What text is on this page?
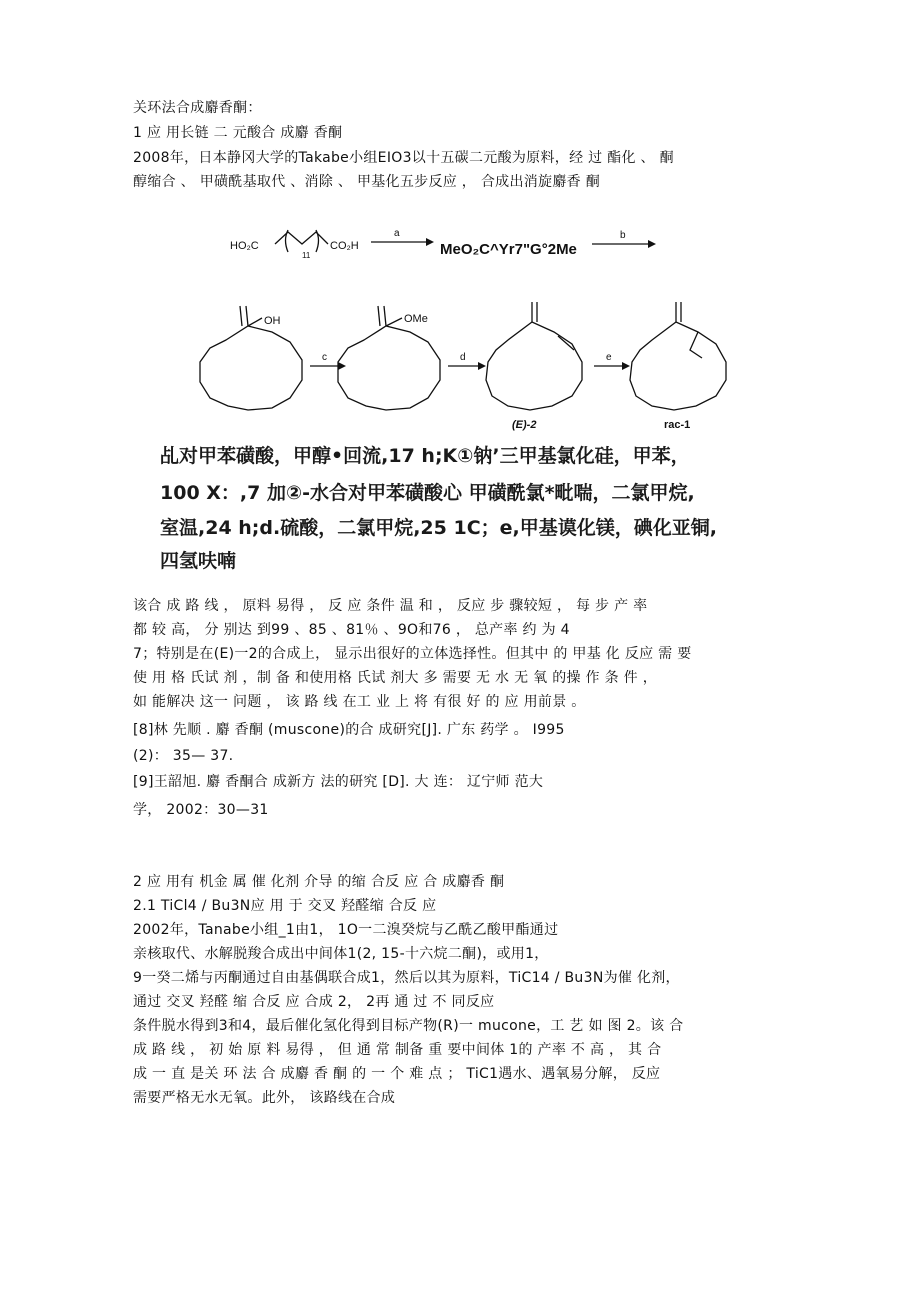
关环法合成麝香酮：
1 应 用长链 二 元酸合 成麝 香酮
2008年，日本静冈大学的Takabe小组EIO3以十五碳二元酸为原料，经 过 酯化 、 酮
醇缩合 、 甲磺酰基取代 、消除 、 甲基化五步反应 ， 合成出消旋麝香 酮
HO₂C
11
CO₂H
a
MeO₂C^Yr7"G°2Me
b
OH	OMe
c	d	e
(E)-2	rac-1
乩对甲苯磺酸，甲醇•回流,17 h;K①钠’三甲基氯化硅，甲苯，
100 X：,7 加②-水合对甲苯磺酸心 甲磺酰氯*毗喘，二氯甲烷,
室温,24 h;d.硫酸，二氯甲烷,25 1C；e,甲基谟化镁，碘化亚铜,
四氢呋喃
该合 成 路 线 ， 原料 易得 ， 反 应 条件 温 和 ， 反应 步 骤较短 ， 每 步 产 率
都 较 高， 分 别达 到99 、85 、81％ 、9O和76 ， 总产率 约 为 4
7；特别是在(E)一2的合成上， 显示出很好的立体选择性。但其中 的 甲基 化 反应 需 要
使 用 格 氏试 剂 ，制 备 和使用格 氏试 剂大 多 需要 无 水 无 氧 的操 作 条 件 ，
如 能解决 这一 问题 ， 该 路 线 在工 业 上 将 有很 好 的 应 用前景 。
[8]林 先顺 . 麝 香酮 (muscone)的合 成研究[J]. 广东 药学 。 I995
(2)： 35— 37.
[9]王韶旭. 麝 香酮合 成新方 法的研究 [D]. 大 连： 辽宁师 范大
学， 2002：30—31
2 应 用有 机金 属 催 化剂 介导 的缩 合反 应 合 成麝香 酮
2.1 TiCl4 / Bu3N应 用 于 交叉 羟醛缩 合反 应
2002年，Tanabe小组_1由1， 1O一二溴癸烷与乙酰乙酸甲酯通过
亲核取代、水解脱羧合成出中间体1(2, 15-十六烷二酮)，或用1，
9一癸二烯与丙酮通过自由基偶联合成1，然后以其为原料，TiC14 / Bu3N为催 化剂，
通过 交叉 羟醛 缩 合反 应 合成 2， 2再 通 过 不 同反应
条件脱水得到3和4，最后催化氢化得到目标产物(R)一 mucone，工 艺 如 图 2。该 合
成 路 线 ， 初 始 原 料 易得 ， 但 通 常 制备 重 要中间体 1的 产率 不 高 ， 其 合
成 一 直 是关 环 法 合 成麝 香 酮 的 一 个 难 点 ； TiC1遇水、遇氧易分解， 反应
需要严格无水无氧。此外， 该路线在合成
